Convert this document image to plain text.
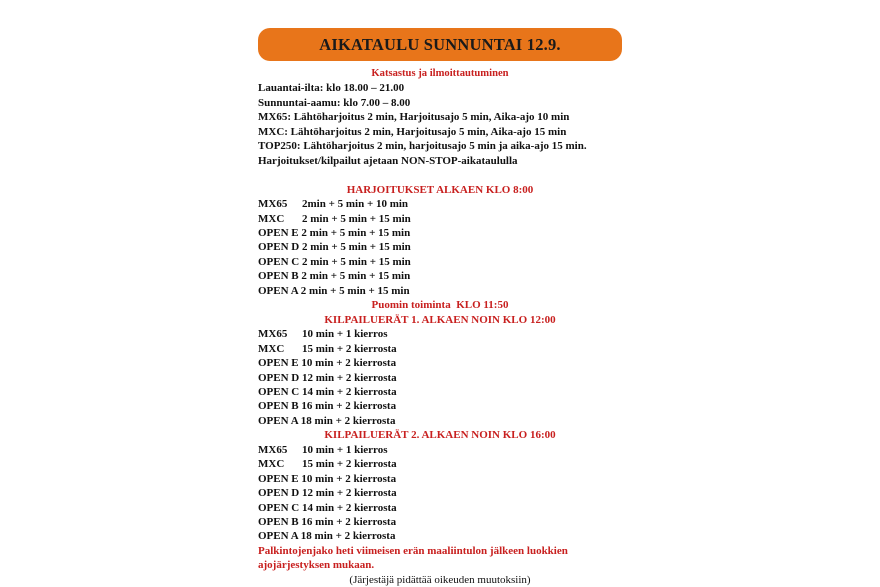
AIKATAULU SUNNUNTAI 12.9.
Katsastus ja ilmoittautuminen
Lauantai-ilta: klo 18.00 – 21.00
Sunnuntai-aamu: klo 7.00 – 8.00
MX65: Lähtöharjoitus 2 min, Harjoitusajo 5 min, Aika-ajo 10 min
MXC: Lähtöharjoitus 2 min, Harjoitusajo 5 min, Aika-ajo 15 min
TOP250: Lähtöharjoitus 2 min, harjoitusajo 5 min ja aika-ajo 15 min.
Harjoitukset/kilpailut ajetaan NON-STOP-aikataululla
HARJOITUKSET ALKAEN KLO 8:00
MX65	2min + 5 min + 10 min
MXC	2 min + 5 min + 15 min
OPEN E 2 min + 5 min + 15 min
OPEN D 2 min + 5 min + 15 min
OPEN C 2 min + 5 min + 15 min
OPEN B 2 min + 5 min + 15 min
OPEN A 2 min + 5 min + 15 min
Puomin toiminta  KLO 11:50
KILPAILUERÄT 1. ALKAEN NOIN KLO 12:00
MX65	10 min + 1 kierros
MXC	15 min + 2 kierrosta
OPEN E 10 min + 2 kierrosta
OPEN D 12 min + 2 kierrosta
OPEN C 14 min + 2 kierrosta
OPEN B 16 min + 2 kierrosta
OPEN A 18 min + 2 kierrosta
KILPAILUERÄT 2. ALKAEN NOIN KLO 16:00
MX65	10 min + 1 kierros
MXC	15 min + 2 kierrosta
OPEN E 10 min + 2 kierrosta
OPEN D 12 min + 2 kierrosta
OPEN C 14 min + 2 kierrosta
OPEN B 16 min + 2 kierrosta
OPEN A 18 min + 2 kierrosta
Palkintojenjako heti viimeisen erän maaliintulon jälkeen luokkien
ajojärjestyksen mukaan.
(Järjestäjä pidättää oikeuden muutoksiin)
